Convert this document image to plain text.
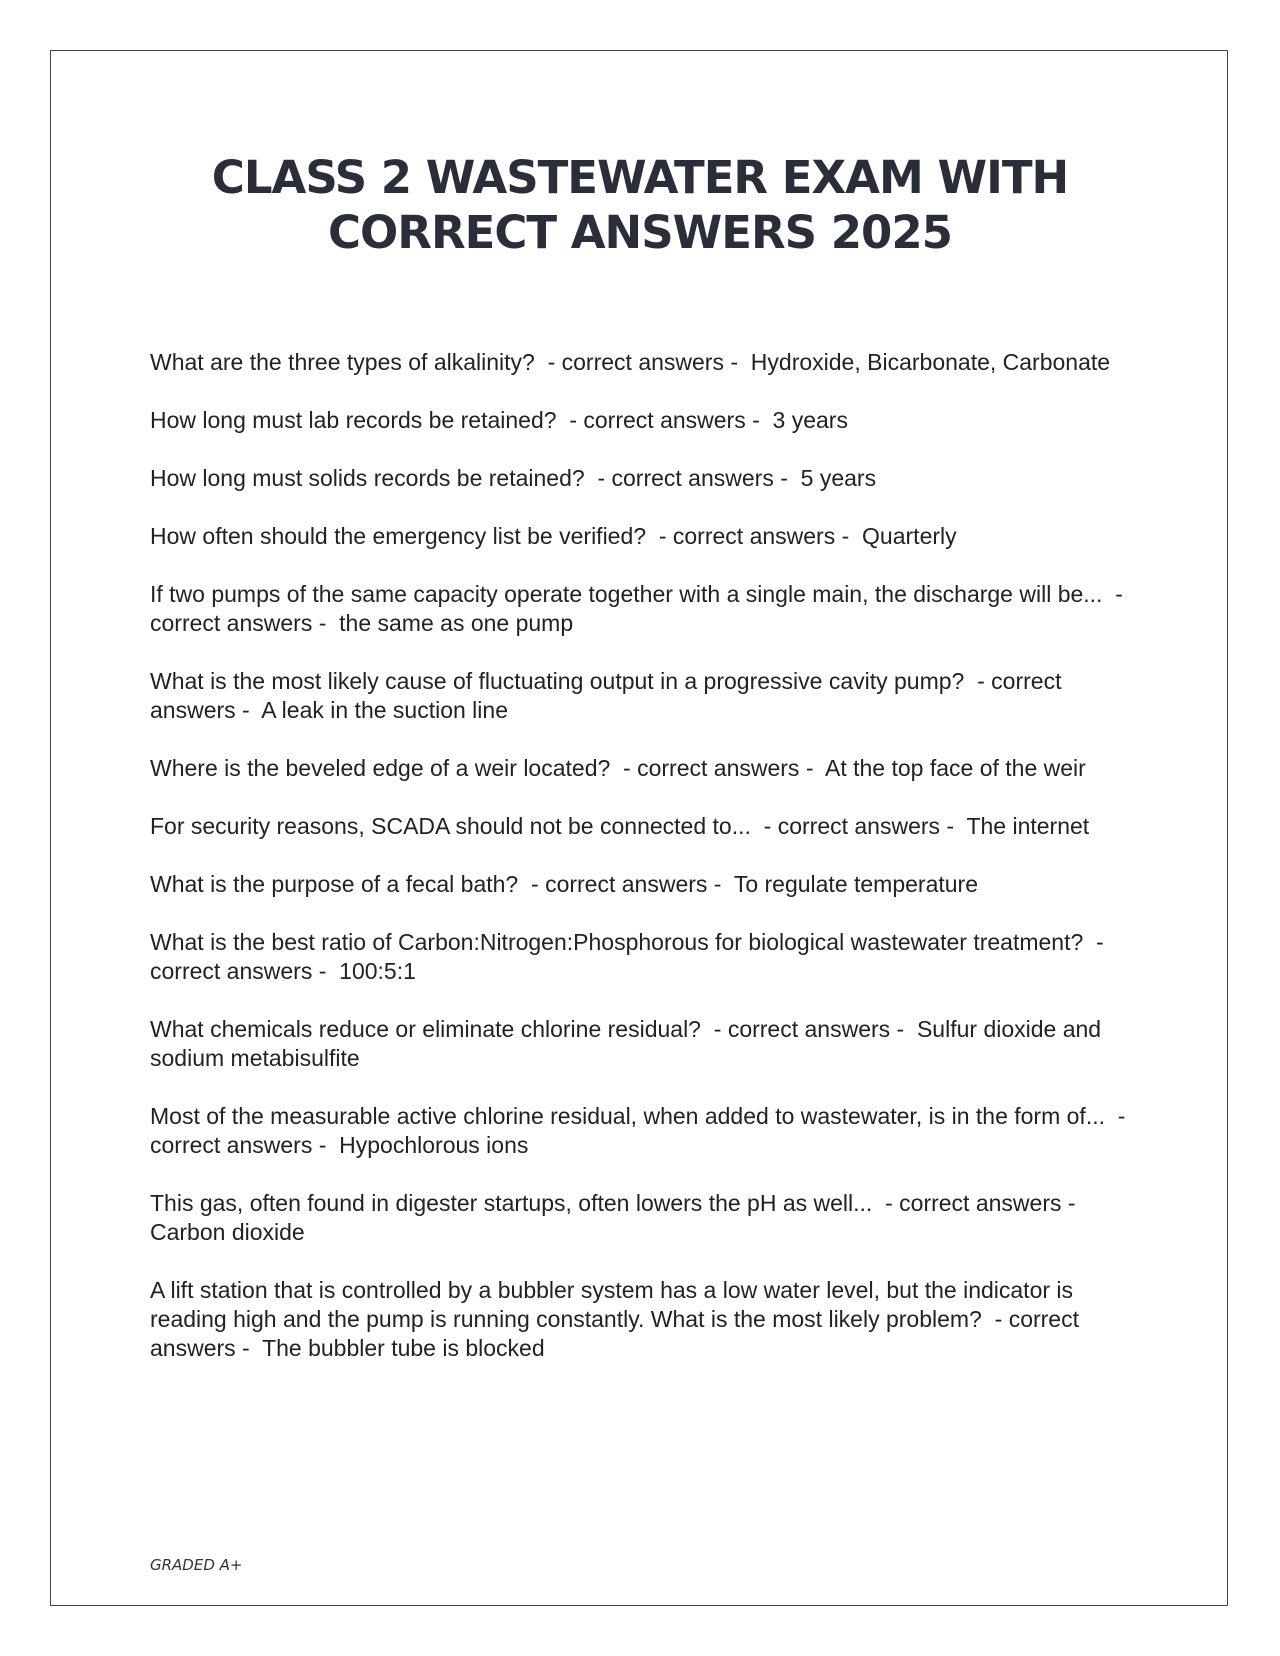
CLASS 2 WASTEWATER EXAM WITH
CORRECT ANSWERS 2025

What are the three types of alkalinity?  - correct answers -  Hydroxide, Bicarbonate, Carbonate

How long must lab records be retained?  - correct answers -  3 years

How long must solids records be retained?  - correct answers -  5 years

How often should the emergency list be verified?  - correct answers -  Quarterly

If two pumps of the same capacity operate together with a single main, the discharge will be...  - correct answers -  the same as one pump

What is the most likely cause of fluctuating output in a progressive cavity pump?  - correct answers -  A leak in the suction line

Where is the beveled edge of a weir located?  - correct answers -  At the top face of the weir

For security reasons, SCADA should not be connected to...  - correct answers -  The internet

What is the purpose of a fecal bath?  - correct answers -  To regulate temperature

What is the best ratio of Carbon:Nitrogen:Phosphorous for biological wastewater treatment?  - correct answers -  100:5:1

What chemicals reduce or eliminate chlorine residual?  - correct answers -  Sulfur dioxide and sodium metabisulfite

Most of the measurable active chlorine residual, when added to wastewater, is in the form of...  - correct answers -  Hypochlorous ions

This gas, often found in digester startups, often lowers the pH as well...  - correct answers -  Carbon dioxide

A lift station that is controlled by a bubbler system has a low water level, but the indicator is reading high and the pump is running constantly. What is the most likely problem?  - correct answers -  The bubbler tube is blocked

GRADED A+
